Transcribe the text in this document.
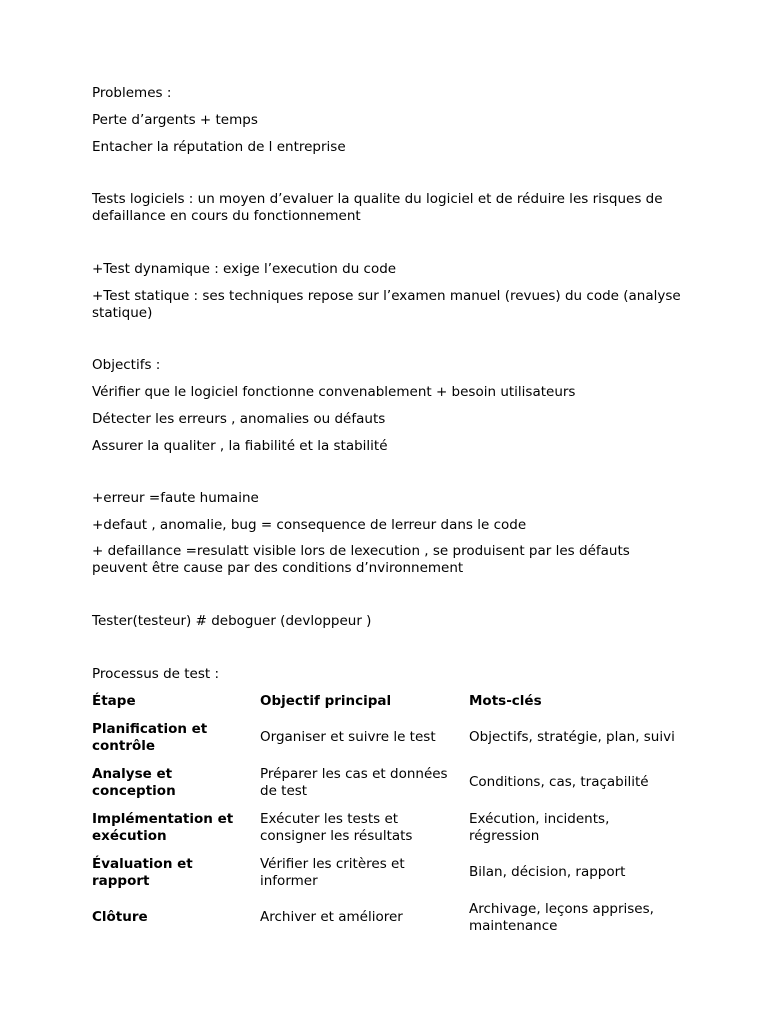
Problemes :
Perte d’argents + temps
Entacher la réputation de l entreprise
Tests logiciels : un moyen d’evaluer la qualite du logiciel et de réduire les risques de defaillance en cours du fonctionnement
+Test dynamique : exige l’execution du code
+Test statique : ses techniques repose sur l’examen manuel (revues) du code (analyse statique)
Objectifs :
Vérifier que le logiciel fonctionne convenablement + besoin utilisateurs
Détecter les erreurs , anomalies ou défauts
Assurer la qualiter , la fiabilité et la stabilité
+erreur =faute humaine
+defaut , anomalie, bug = consequence de lerreur dans le code
+ defaillance =resulatt visible lors de lexecution , se produisent par les défauts peuvent être cause par des conditions d’nvironnement
Tester(testeur) # deboguer (devloppeur )
Processus de test :
Étape	Objectif principal	Mots-clés
Planification et contrôle	Organiser et suivre le test	Objectifs, stratégie, plan, suivi
Analyse et conception	Préparer les cas et données de test	Conditions, cas, traçabilité
Implémentation et exécution	Exécuter les tests et consigner les résultats	Exécution, incidents, régression
Évaluation et rapport	Vérifier les critères et informer	Bilan, décision, rapport
Clôture	Archiver et améliorer	Archivage, leçons apprises, maintenance
